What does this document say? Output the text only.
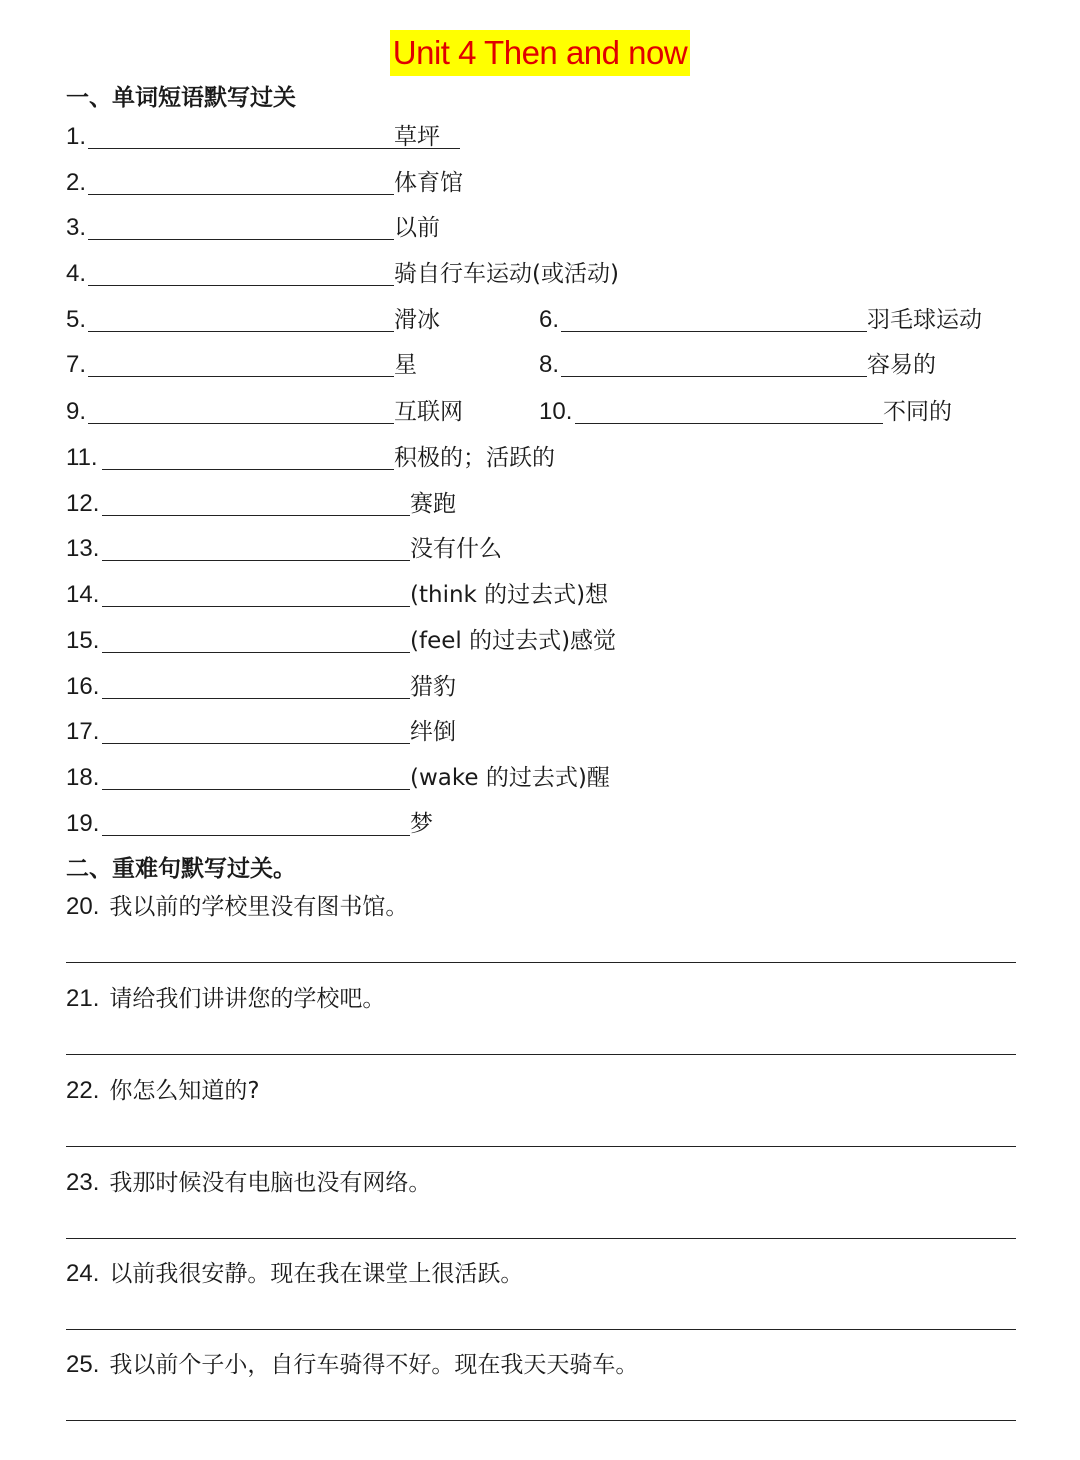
Unit 4 Then and now
一、单词短语默写过关
1.	草坪
2.	体育馆
3.	以前
4.	骑自行车运动(或活动)
5.	滑冰	6.	羽毛球运动
7.	星	8.	容易的
9.	互联网	10.	不同的
11.	积极的；活跃的
12.	赛跑
13.	没有什么
14.	(think 的过去式)想
15.	(feel 的过去式)感觉
16.	猎豹
17.	绊倒
18.	(wake 的过去式)醒
19.	梦
二、重难句默写过关。
20. 我以前的学校里没有图书馆。
21. 请给我们讲讲您的学校吧。
22. 你怎么知道的?
23. 我那时候没有电脑也没有网络。
24. 以前我很安静。现在我在课堂上很活跃。
25. 我以前个子小，自行车骑得不好。现在我天天骑车。
